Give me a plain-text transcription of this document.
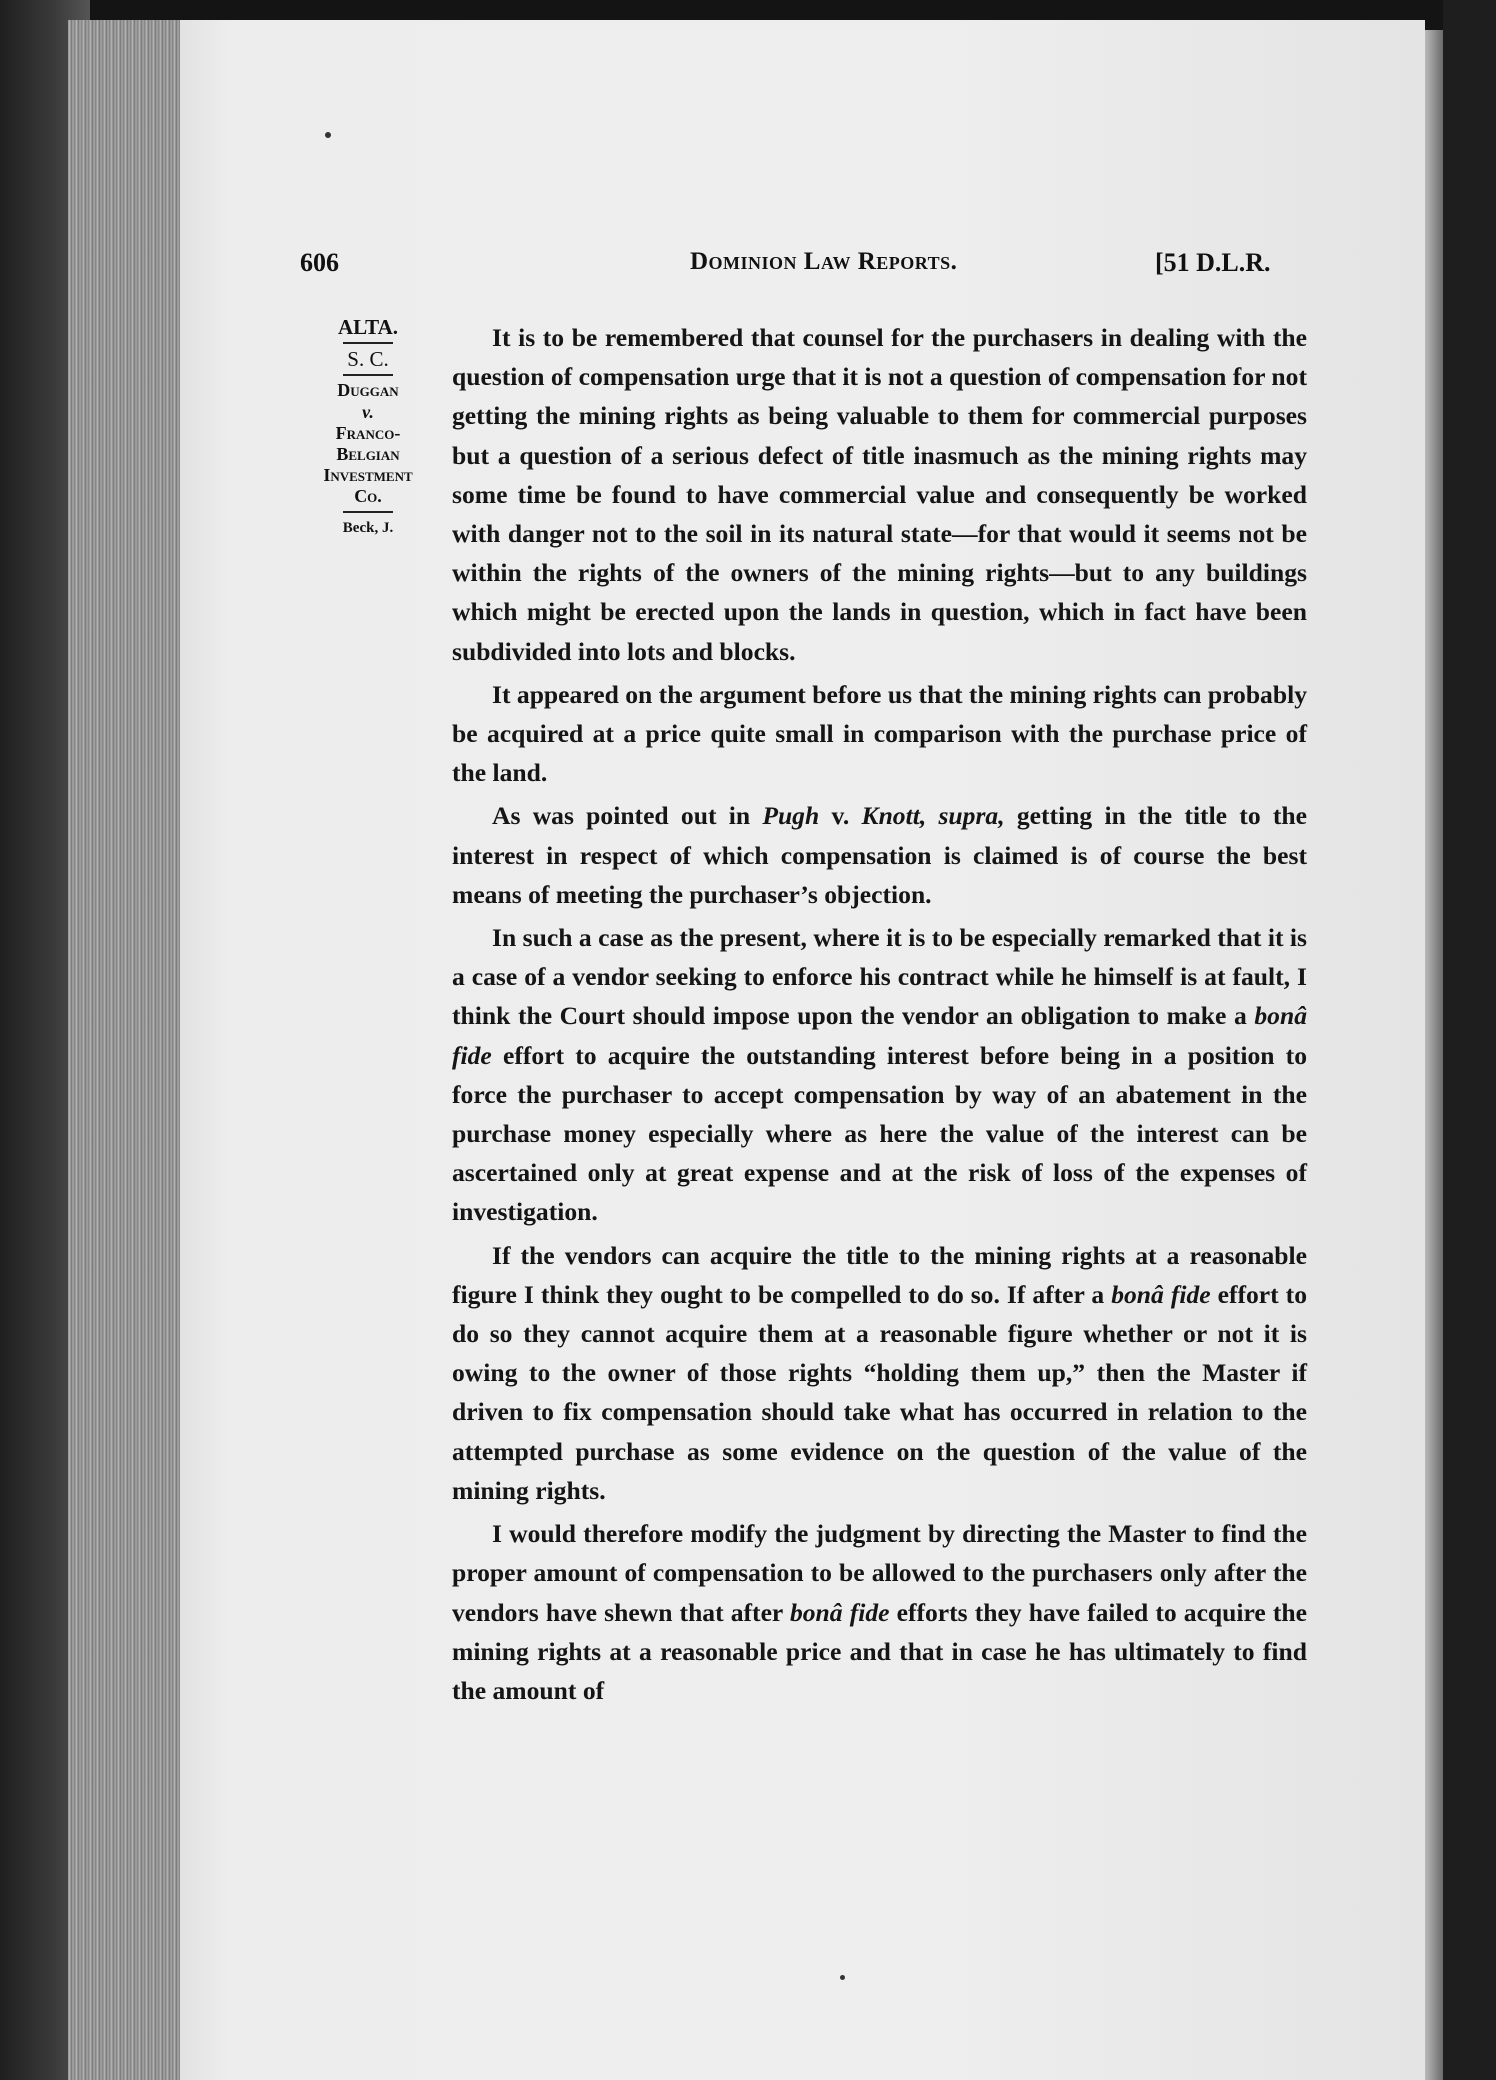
606	Dominion Law Reports.	[51 D.L.R.
ALTA.
S. C.
Duggan
v.
Franco-
Belgian
Investment
Co.
Beck, J.

It is to be remembered that counsel for the purchasers in dealing with the question of compensation urge that it is not a question of compensation for not getting the mining rights as being valuable to them for commercial purposes but a question of a serious defect of title inasmuch as the mining rights may some time be found to have commercial value and consequently be worked with danger not to the soil in its natural state—for that would it seems not be within the rights of the owners of the mining rights—but to any buildings which might be erected upon the lands in question, which in fact have been subdivided into lots and blocks.

It appeared on the argument before us that the mining rights can probably be acquired at a price quite small in comparison with the purchase price of the land.

As was pointed out in Pugh v. Knott, supra, getting in the title to the interest in respect of which compensation is claimed is of course the best means of meeting the purchaser’s objection.

In such a case as the present, where it is to be especially remarked that it is a case of a vendor seeking to enforce his contract while he himself is at fault, I think the Court should impose upon the vendor an obligation to make a bonâ fide effort to acquire the outstanding interest before being in a position to force the purchaser to accept compensation by way of an abatement in the purchase money especially where as here the value of the interest can be ascertained only at great expense and at the risk of loss of the expenses of investigation.

If the vendors can acquire the title to the mining rights at a reasonable figure I think they ought to be compelled to do so. If after a bonâ fide effort to do so they cannot acquire them at a reasonable figure whether or not it is owing to the owner of those rights “holding them up,” then the Master if driven to fix compensation should take what has occurred in relation to the attempted purchase as some evidence on the question of the value of the mining rights.

I would therefore modify the judgment by directing the Master to find the proper amount of compensation to be allowed to the purchasers only after the vendors have shewn that after bonâ fide efforts they have failed to acquire the mining rights at a reasonable price and that in case he has ultimately to find the amount of
